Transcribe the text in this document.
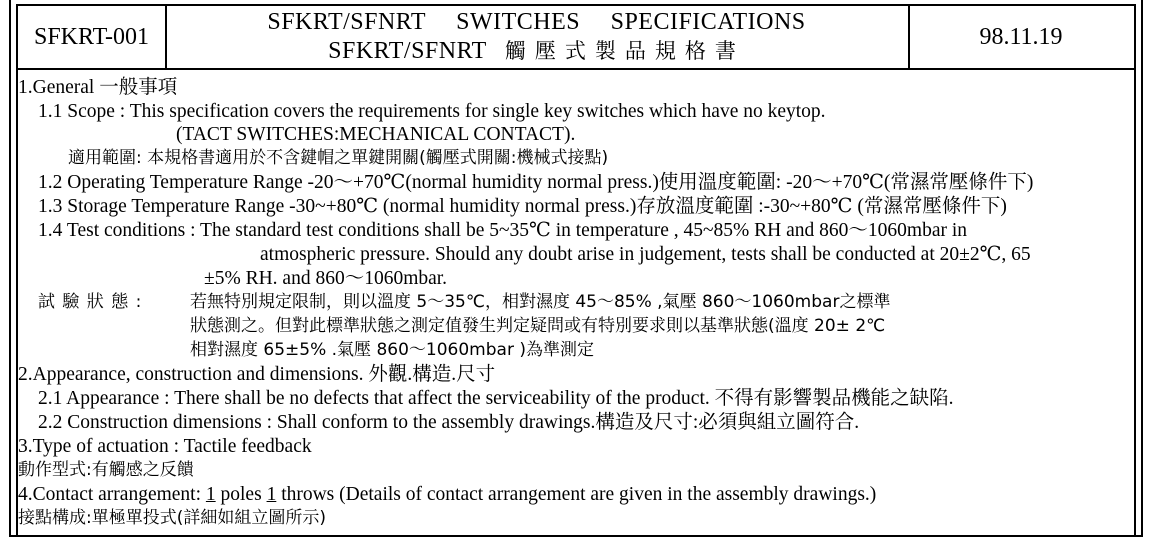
SFKRT-001
SFKRT/SFNRT SWITCHES SPECIFICATIONS
SFKRT/SFNRT 觸壓式製品規格書
98.11.19
1.General 一般事項
1.1 Scope : This specification covers the requirements for single key switches which have no keytop.
(TACT SWITCHES:MECHANICAL CONTACT).
適用範圍: 本規格書適用於不含鍵帽之單鍵開關(觸壓式開關:機械式接點)
1.2 Operating Temperature Range -20～+70℃(normal humidity normal press.)使用溫度範圍: -20～+70℃(常濕常壓條件下)
1.3 Storage Temperature Range -30~+80℃ (normal humidity normal press.)存放溫度範圍 :-30~+80℃ (常濕常壓條件下)
1.4 Test conditions : The standard test conditions shall be 5~35℃ in temperature , 45~85% RH and 860～1060mbar in
atmospheric pressure. Should any doubt arise in judgement, tests shall be conducted at 20±2℃, 65
±5% RH. and 860～1060mbar.
試 驗 狀 態 :	若無特別規定限制，則以溫度 5～35℃，相對濕度 45～85% ,氣壓 860～1060mbar之標準
狀態測之。但對此標準狀態之測定值發生判定疑問或有特別要求則以基準狀態(溫度 20± 2℃
相對濕度 65±5% .氣壓 860～1060mbar )為準測定
2.Appearance, construction and dimensions. 外觀.構造.尺寸
2.1 Appearance : There shall be no defects that affect the serviceability of the product. 不得有影響製品機能之缺陷.
2.2 Construction dimensions : Shall conform to the assembly drawings.構造及尺寸:必須與組立圖符合.
3.Type of actuation : Tactile feedback
動作型式:有觸感之反饋
4.Contact arrangement: 1 poles 1 throws (Details of contact arrangement are given in the assembly drawings.)
接點構成:單極單投式(詳細如組立圖所示)
